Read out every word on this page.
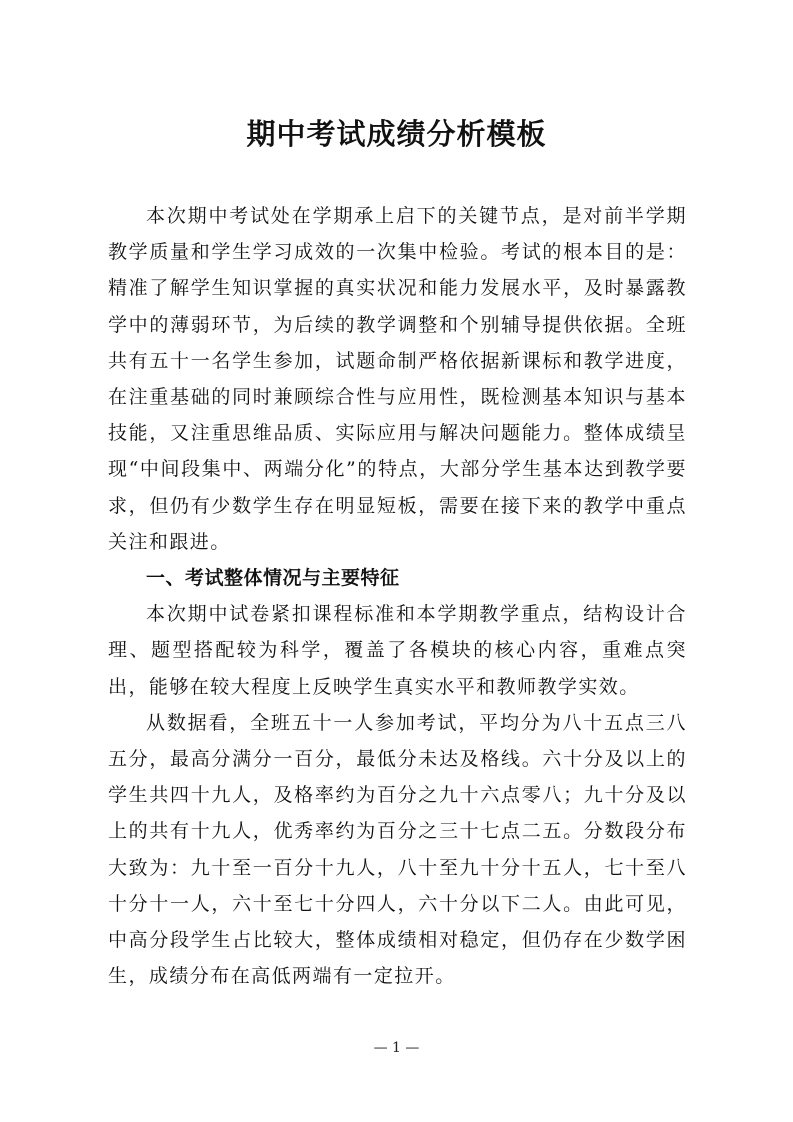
期中考试成绩分析模板

本次期中考试处在学期承上启下的关键节点，是对前半学期教学质量和学生学习成效的一次集中检验。考试的根本目的是：精准了解学生知识掌握的真实状况和能力发展水平，及时暴露教学中的薄弱环节，为后续的教学调整和个别辅导提供依据。全班共有五十一名学生参加，试题命制严格依据新课标和教学进度，在注重基础的同时兼顾综合性与应用性，既检测基本知识与基本技能，又注重思维品质、实际应用与解决问题能力。整体成绩呈现“中间段集中、两端分化”的特点，大部分学生基本达到教学要求，但仍有少数学生存在明显短板，需要在接下来的教学中重点关注和跟进。

一、考试整体情况与主要特征

本次期中试卷紧扣课程标准和本学期教学重点，结构设计合理、题型搭配较为科学，覆盖了各模块的核心内容，重难点突出，能够在较大程度上反映学生真实水平和教师教学实效。

从数据看，全班五十一人参加考试，平均分为八十五点三八五分，最高分满分一百分，最低分未达及格线。六十分及以上的学生共四十九人，及格率约为百分之九十六点零八；九十分及以上的共有十九人，优秀率约为百分之三十七点二五。分数段分布大致为：九十至一百分十九人，八十至九十分十五人，七十至八十分十一人，六十至七十分四人，六十分以下二人。由此可见，中高分段学生占比较大，整体成绩相对稳定，但仍存在少数学困生，成绩分布在高低两端有一定拉开。

— 1 —
